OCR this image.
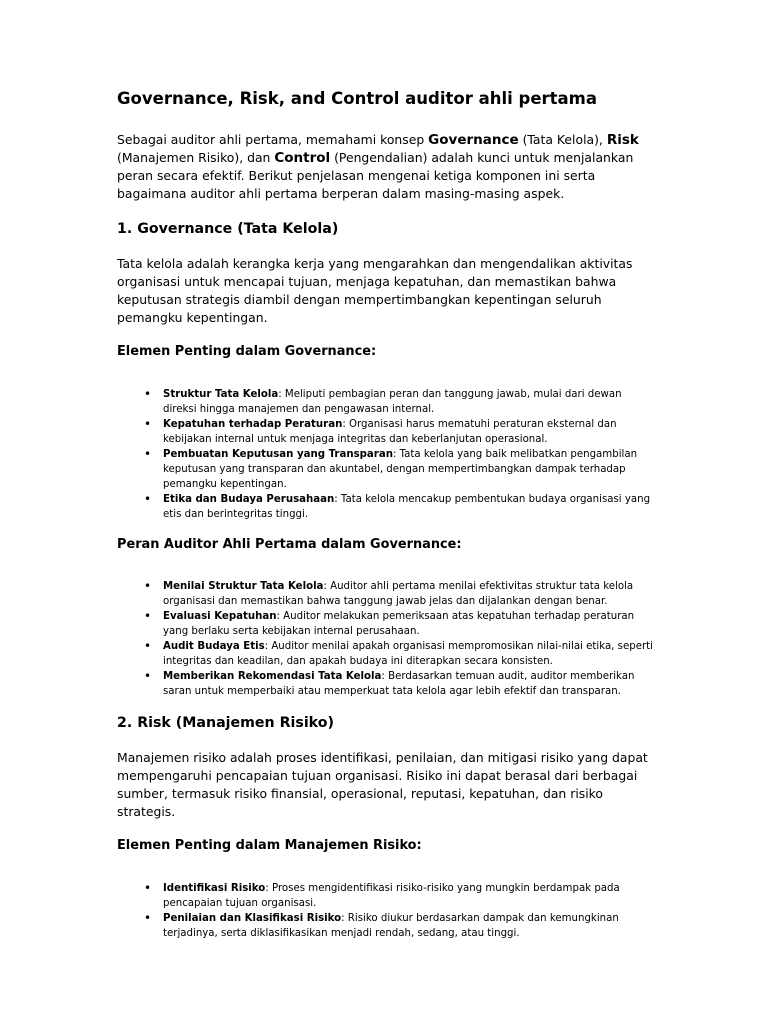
Governance, Risk, and Control auditor ahli pertama

Sebagai auditor ahli pertama, memahami konsep Governance (Tata Kelola), Risk (Manajemen Risiko), dan Control (Pengendalian) adalah kunci untuk menjalankan peran secara efektif. Berikut penjelasan mengenai ketiga komponen ini serta bagaimana auditor ahli pertama berperan dalam masing-masing aspek.

1. Governance (Tata Kelola)

Tata kelola adalah kerangka kerja yang mengarahkan dan mengendalikan aktivitas organisasi untuk mencapai tujuan, menjaga kepatuhan, dan memastikan bahwa keputusan strategis diambil dengan mempertimbangkan kepentingan seluruh pemangku kepentingan.

Elemen Penting dalam Governance:
• Struktur Tata Kelola: Meliputi pembagian peran dan tanggung jawab, mulai dari dewan direksi hingga manajemen dan pengawasan internal.
• Kepatuhan terhadap Peraturan: Organisasi harus mematuhi peraturan eksternal dan kebijakan internal untuk menjaga integritas dan keberlanjutan operasional.
• Pembuatan Keputusan yang Transparan: Tata kelola yang baik melibatkan pengambilan keputusan yang transparan dan akuntabel, dengan mempertimbangkan dampak terhadap pemangku kepentingan.
• Etika dan Budaya Perusahaan: Tata kelola mencakup pembentukan budaya organisasi yang etis dan berintegritas tinggi.
Peran Auditor Ahli Pertama dalam Governance:
• Menilai Struktur Tata Kelola: Auditor ahli pertama menilai efektivitas struktur tata kelola organisasi dan memastikan bahwa tanggung jawab jelas dan dijalankan dengan benar.
• Evaluasi Kepatuhan: Auditor melakukan pemeriksaan atas kepatuhan terhadap peraturan yang berlaku serta kebijakan internal perusahaan.
• Audit Budaya Etis: Auditor menilai apakah organisasi mempromosikan nilai-nilai etika, seperti integritas dan keadilan, dan apakah budaya ini diterapkan secara konsisten.
• Memberikan Rekomendasi Tata Kelola: Berdasarkan temuan audit, auditor memberikan saran untuk memperbaiki atau memperkuat tata kelola agar lebih efektif dan transparan.
2. Risk (Manajemen Risiko)

Manajemen risiko adalah proses identifikasi, penilaian, dan mitigasi risiko yang dapat mempengaruhi pencapaian tujuan organisasi. Risiko ini dapat berasal dari berbagai sumber, termasuk risiko finansial, operasional, reputasi, kepatuhan, dan risiko strategis.

Elemen Penting dalam Manajemen Risiko:
• Identifikasi Risiko: Proses mengidentifikasi risiko-risiko yang mungkin berdampak pada pencapaian tujuan organisasi.
• Penilaian dan Klasifikasi Risiko: Risiko diukur berdasarkan dampak dan kemungkinan terjadinya, serta diklasifikasikan menjadi rendah, sedang, atau tinggi.
